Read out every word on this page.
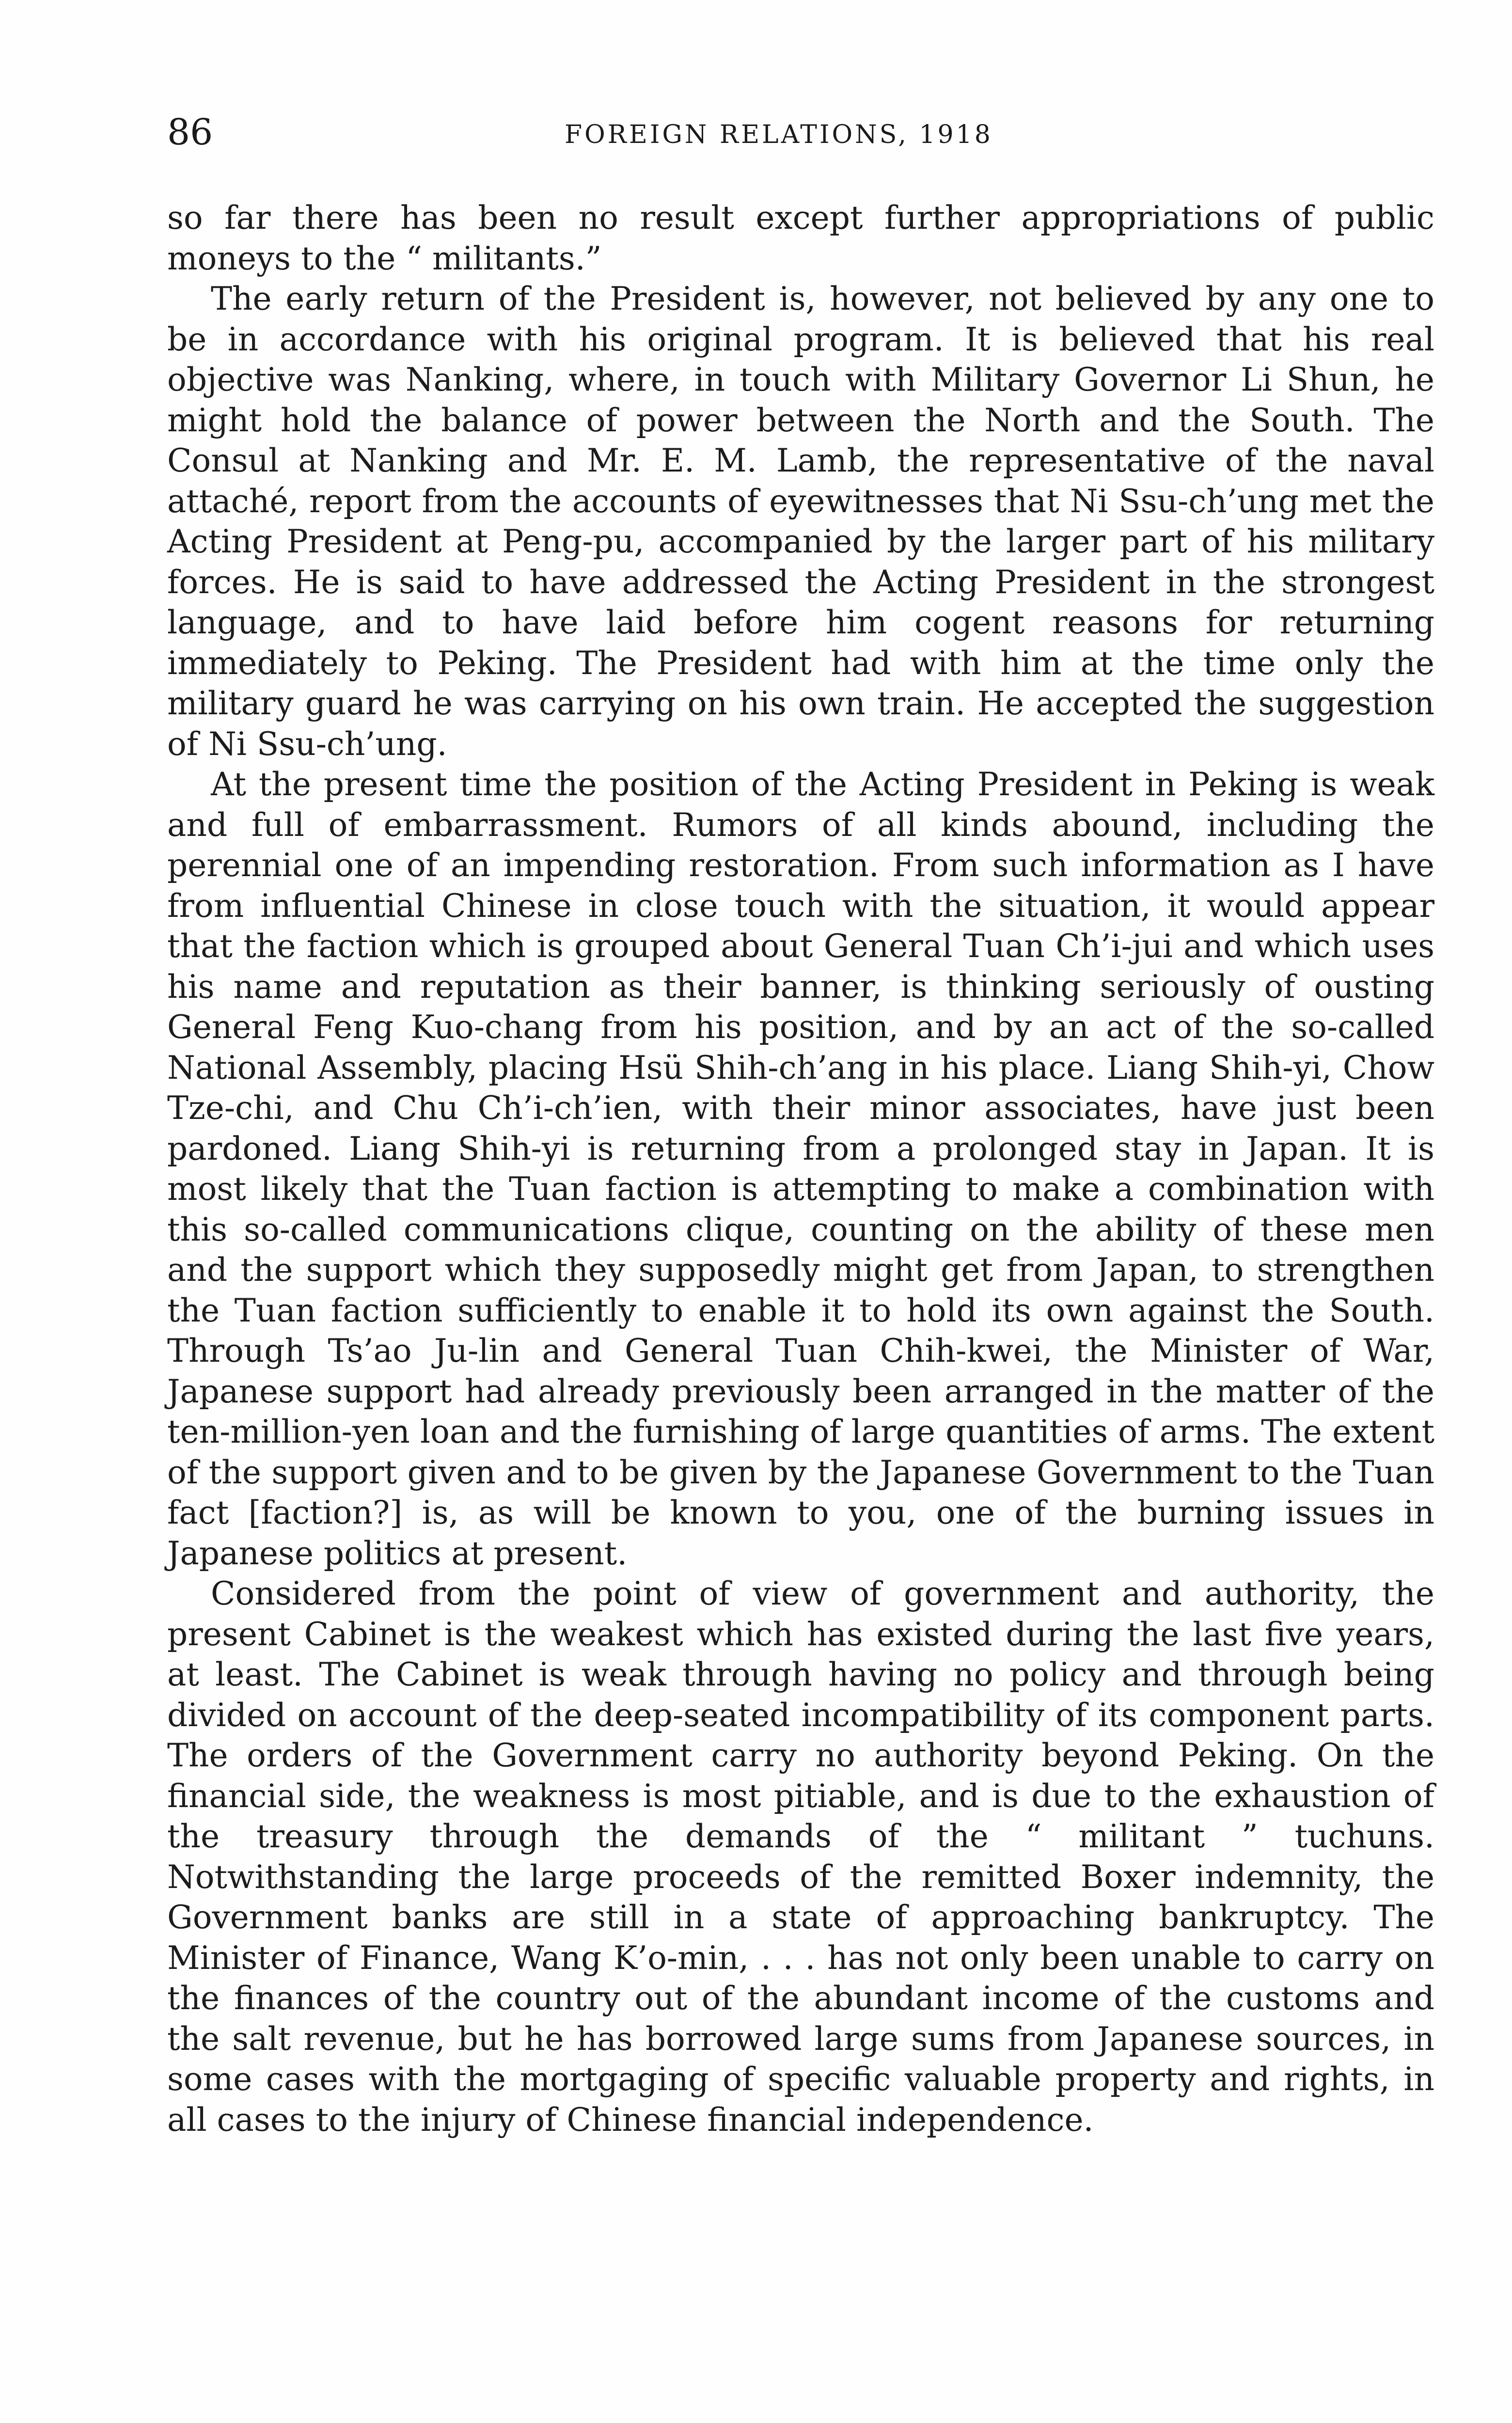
86	FOREIGN RELATIONS, 1918

so far there has been no result except further appropriations of public moneys to the “ militants.”

The early return of the President is, however, not believed by any one to be in accordance with his original program. It is believed that his real objective was Nanking, where, in touch with Military Governor Li Shun, he might hold the balance of power between the North and the South. The Consul at Nanking and Mr. E. M. Lamb, the representative of the naval attaché, report from the accounts of eyewitnesses that Ni Ssu-ch’ung met the Acting President at Peng-pu, accompanied by the larger part of his military forces. He is said to have addressed the Acting President in the strongest language, and to have laid before him cogent reasons for returning immediately to Peking. The President had with him at the time only the military guard he was carrying on his own train. He accepted the suggestion of Ni Ssu-ch’ung.

At the present time the position of the Acting President in Peking is weak and full of embarrassment. Rumors of all kinds abound, including the perennial one of an impending restoration. From such information as I have from influential Chinese in close touch with the situation, it would appear that the faction which is grouped about General Tuan Ch’i-jui and which uses his name and reputation as their banner, is thinking seriously of ousting General Feng Kuo-chang from his position, and by an act of the so-called National Assembly, placing Hsü Shih-ch’ang in his place. Liang Shih-yi, Chow Tze-chi, and Chu Ch’i-ch’ien, with their minor associates, have just been pardoned. Liang Shih-yi is returning from a prolonged stay in Japan. It is most likely that the Tuan faction is attempting to make a combination with this so-called communications clique, counting on the ability of these men and the support which they supposedly might get from Japan, to strengthen the Tuan faction sufficiently to enable it to hold its own against the South. Through Ts’ao Ju-lin and General Tuan Chih-kwei, the Minister of War, Japanese support had already previously been arranged in the matter of the ten-million-yen loan and the furnishing of large quantities of arms. The extent of the support given and to be given by the Japanese Government to the Tuan fact [faction?] is, as will be known to you, one of the burning issues in Japanese politics at present.

Considered from the point of view of government and authority, the present Cabinet is the weakest which has existed during the last five years, at least. The Cabinet is weak through having no policy and through being divided on account of the deep-seated incompatibility of its component parts. The orders of the Government carry no authority beyond Peking. On the financial side, the weakness is most pitiable, and is due to the exhaustion of the treasury through the demands of the “ militant ” tuchuns. Notwithstanding the large proceeds of the remitted Boxer indemnity, the Government banks are still in a state of approaching bankruptcy. The Minister of Finance, Wang K’o-min, . . . has not only been unable to carry on the finances of the country out of the abundant income of the customs and the salt revenue, but he has borrowed large sums from Japanese sources, in some cases with the mortgaging of specific valuable property and rights, in all cases to the injury of Chinese financial independence.
